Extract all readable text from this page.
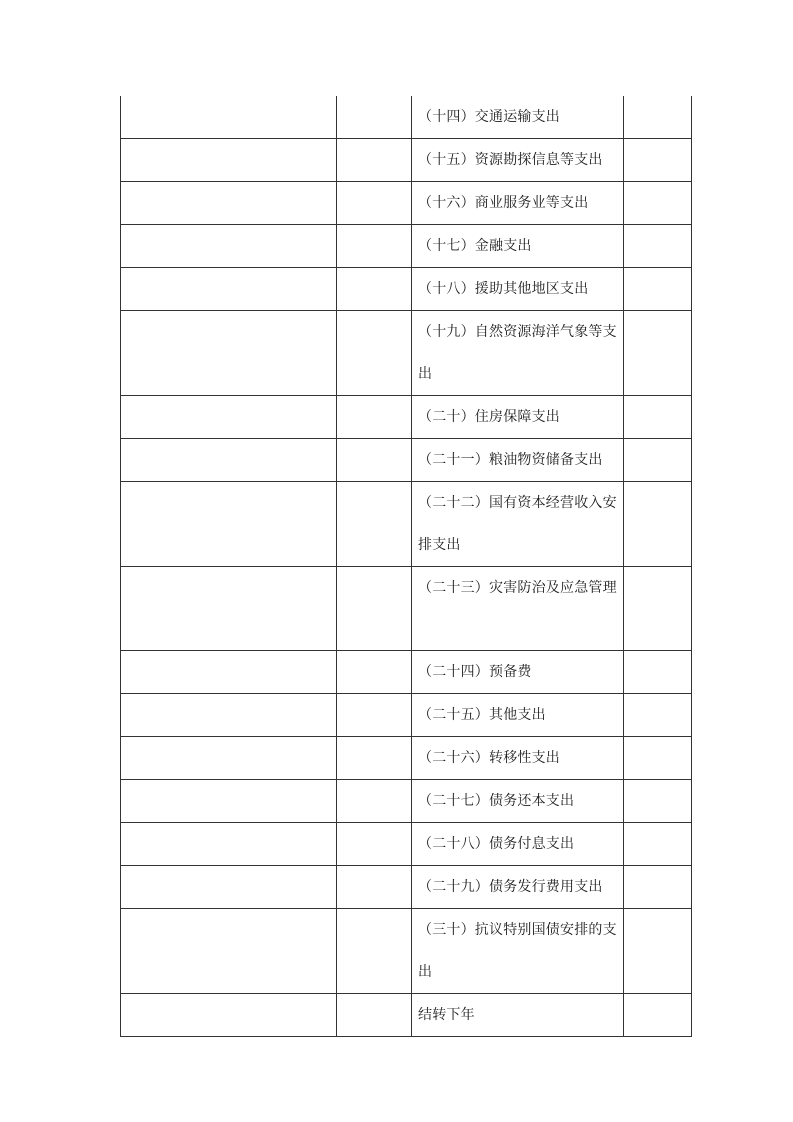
		（十四）交通运输支出	

		（十五）资源勘探信息等支出	

		（十六）商业服务业等支出	

		（十七）金融支出	

		（十八）援助其他地区支出	

		（十九）自然资源海洋气象等支出	

		（二十）住房保障支出	

		（二十一）粮油物资储备支出	

		（二十二）国有资本经营收入安排支出	

		（二十三）灾害防治及应急管理	

		（二十四）预备费	

		（二十五）其他支出	

		（二十六）转移性支出	

		（二十七）债务还本支出	

		（二十八）债务付息支出	

		（二十九）债务发行费用支出	

		（三十）抗议特别国债安排的支出	

		结转下年	
